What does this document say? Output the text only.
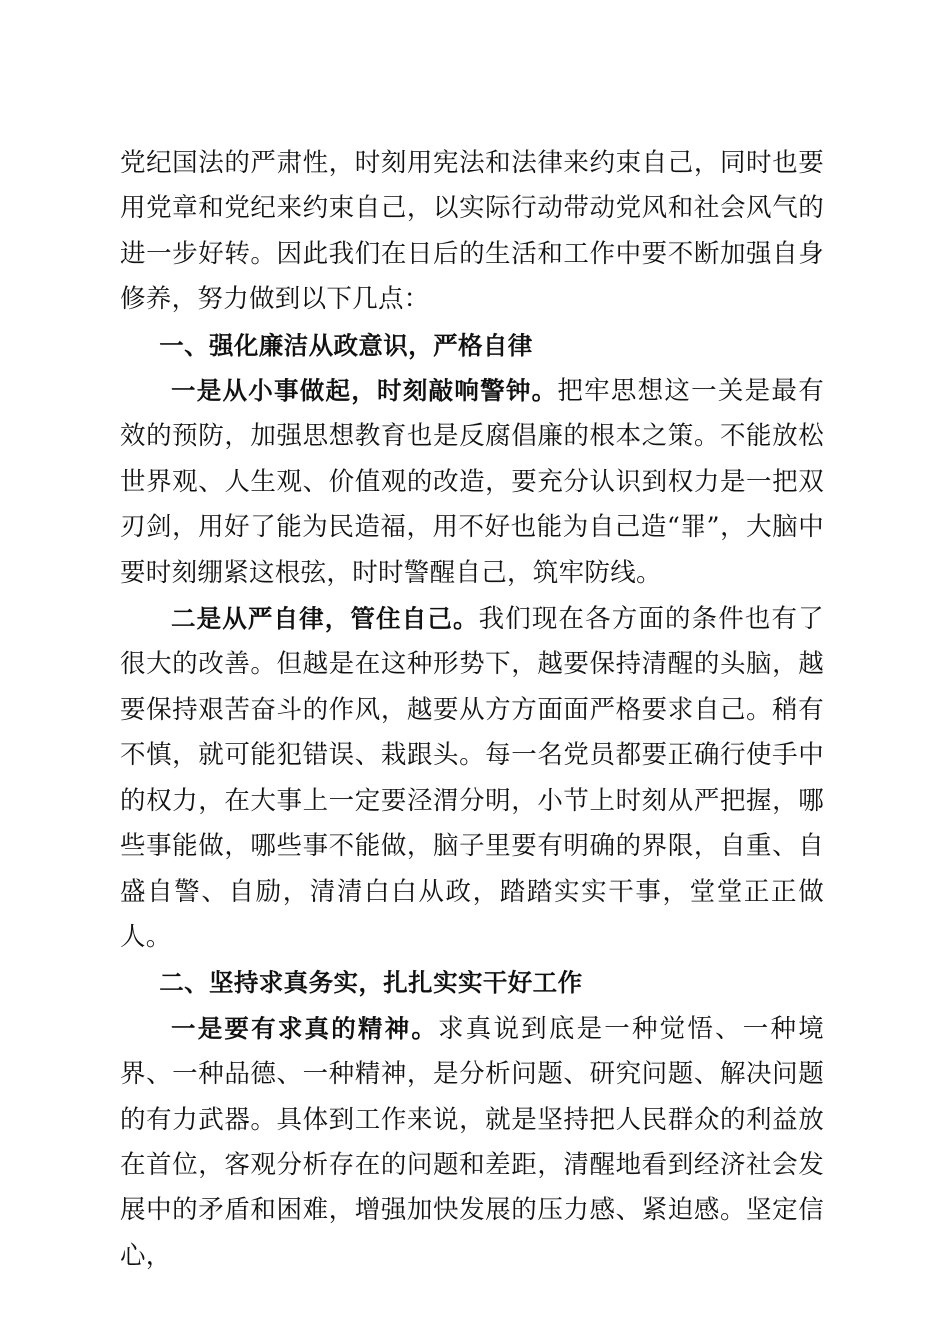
党纪国法的严肃性，时刻用宪法和法律来约束自己，同时也要用党章和党纪来约束自己，以实际行动带动党风和社会风气的进一步好转。因此我们在日后的生活和工作中要不断加强自身修养，努力做到以下几点：

一、强化廉洁从政意识，严格自律

一是从小事做起，时刻敲响警钟。把牢思想这一关是最有效的预防，加强思想教育也是反腐倡廉的根本之策。不能放松世界观、人生观、价值观的改造，要充分认识到权力是一把双刃剑，用好了能为民造福，用不好也能为自己造“罪”，大脑中要时刻绷紧这根弦，时时警醒自己，筑牢防线。

二是从严自律，管住自己。我们现在各方面的条件也有了很大的改善。但越是在这种形势下，越要保持清醒的头脑，越要保持艰苦奋斗的作风，越要从方方面面严格要求自己。稍有不慎，就可能犯错误、栽跟头。每一名党员都要正确行使手中的权力，在大事上一定要泾渭分明，小节上时刻从严把握，哪些事能做，哪些事不能做，脑子里要有明确的界限，自重、自盛自警、自励，清清白白从政，踏踏实实干事，堂堂正正做人。

二、坚持求真务实，扎扎实实干好工作

一是要有求真的精神。求真说到底是一种觉悟、一种境界、一种品德、一种精神，是分析问题、研究问题、解决问题的有力武器。具体到工作来说，就是坚持把人民群众的利益放在首位，客观分析存在的问题和差距，清醒地看到经济社会发展中的矛盾和困难，增强加快发展的压力感、紧迫感。坚定信心，
